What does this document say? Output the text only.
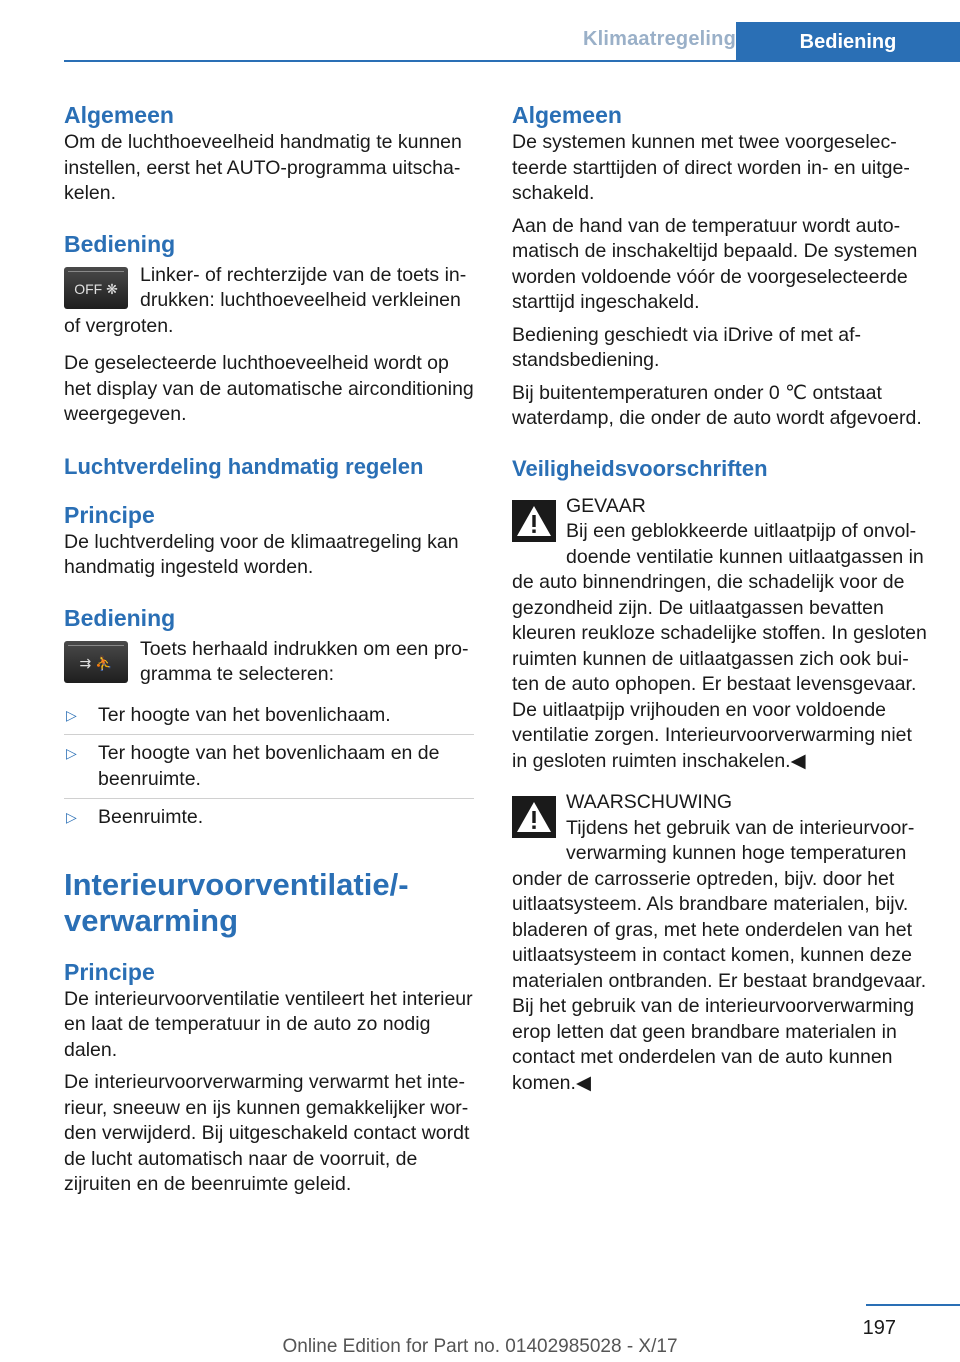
Klimaatregeling	Bediening
Algemeen

Om de luchthoeveelheid handmatig te kunnen instellen, eerst het AUTO-programma uitschakelen.

Bediening
OFF ❋

Linker- of rechterzijde van de toets indrukken: luchthoeveelheid verkleinen of vergroten.

De geselecteerde luchthoeveelheid wordt op het display van de automatische airconditioning weergegeven.

Luchtverdeling handmatig regelen
Principe

De luchtverdeling voor de klimaatregeling kan handmatig ingesteld worden.

Bediening
⇉ ⛹

Toets herhaald indrukken om een programma te selecteren:

▷ Ter hoogte van het bovenlichaam.
▷ Ter hoogte van het bovenlichaam en de beenruimte.
▷ Beenruimte.
Interieurvoorventilatie/-verwarming
Principe

De interieurvoorventilatie ventileert het interieur en laat de temperatuur in de auto zo nodig dalen.

De interieurvoorverwarming verwarmt het interieur, sneeuw en ijs kunnen gemakkelijker worden verwijderd. Bij uitgeschakeld contact wordt de lucht automatisch naar de voorruit, de zijruiten en de beenruimte geleid.

Algemeen

De systemen kunnen met twee voorgeselecteerde starttijden of direct worden in- en uitgeschakeld.

Aan de hand van de temperatuur wordt automatisch de inschakeltijd bepaald. De systemen worden voldoende vóór de voorgeselecteerde starttijd ingeschakeld.

Bediening geschiedt via iDrive of met afstandsbediening.

Bij buitentemperaturen onder 0 ℃ ontstaat waterdamp, die onder de auto wordt afgevoerd.

Veiligheidsvoorschriften

GEVAAR

Bij een geblokkeerde uitlaatpijp of onvoldoende ventilatie kunnen uitlaatgassen in de auto binnendringen, die schadelijk voor de gezondheid zijn. De uitlaatgassen bevatten kleuren reukloze schadelijke stoffen. In gesloten ruimten kunnen de uitlaatgassen zich ook buiten de auto ophopen. Er bestaat levensgevaar. De uitlaatpijp vrijhouden en voor voldoende ventilatie zorgen. Interieurvoorverwarming niet in gesloten ruimten inschakelen.◀

WAARSCHUWING

Tijdens het gebruik van de interieurvoorverwarming kunnen hoge temperaturen onder de carrosserie optreden, bijv. door het uitlaatsysteem. Als brandbare materialen, bijv. bladeren of gras, met hete onderdelen van het uitlaatsysteem in contact komen, kunnen deze materialen ontbranden. Er bestaat brandgevaar. Bij het gebruik van de interieurvoorverwarming erop letten dat geen brandbare materialen in contact met onderdelen van de auto kunnen komen.◀

197
Online Edition for Part no. 01402985028 - X/17
